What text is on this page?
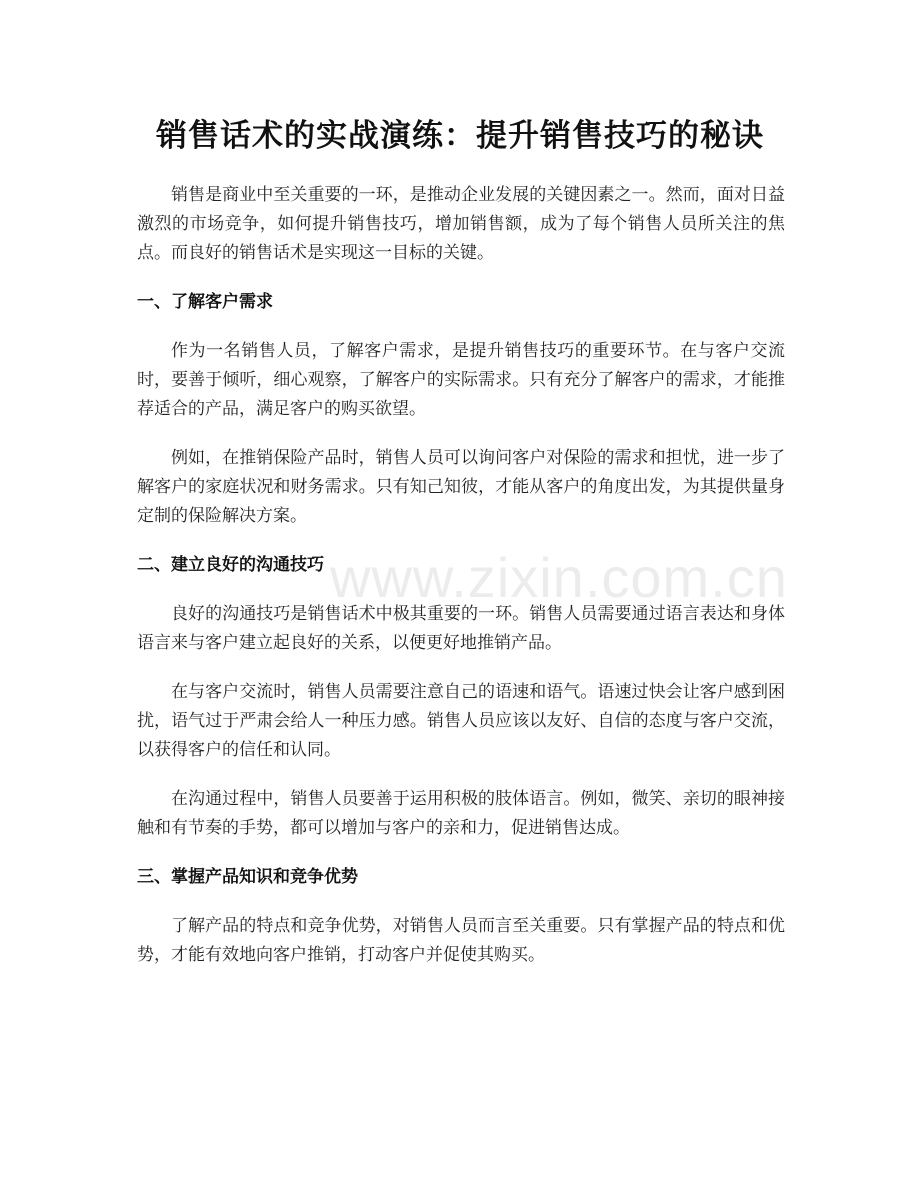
销售话术的实战演练：提升销售技巧的秘诀

销售是商业中至关重要的一环，是推动企业发展的关键因素之一。然而，面对日益激烈的市场竞争，如何提升销售技巧，增加销售额，成为了每个销售人员所关注的焦点。而良好的销售话术是实现这一目标的关键。

一、了解客户需求

作为一名销售人员，了解客户需求，是提升销售技巧的重要环节。在与客户交流时，要善于倾听，细心观察，了解客户的实际需求。只有充分了解客户的需求，才能推荐适合的产品，满足客户的购买欲望。

例如，在推销保险产品时，销售人员可以询问客户对保险的需求和担忧，进一步了解客户的家庭状况和财务需求。只有知己知彼，才能从客户的角度出发，为其提供量身定制的保险解决方案。

二、建立良好的沟通技巧

良好的沟通技巧是销售话术中极其重要的一环。销售人员需要通过语言表达和身体语言来与客户建立起良好的关系，以便更好地推销产品。

在与客户交流时，销售人员需要注意自己的语速和语气。语速过快会让客户感到困扰，语气过于严肃会给人一种压力感。销售人员应该以友好、自信的态度与客户交流，以获得客户的信任和认同。

在沟通过程中，销售人员要善于运用积极的肢体语言。例如，微笑、亲切的眼神接触和有节奏的手势，都可以增加与客户的亲和力，促进销售达成。

三、掌握产品知识和竞争优势

了解产品的特点和竞争优势，对销售人员而言至关重要。只有掌握产品的特点和优势，才能有效地向客户推销，打动客户并促使其购买。

www.zixin.com.cn
